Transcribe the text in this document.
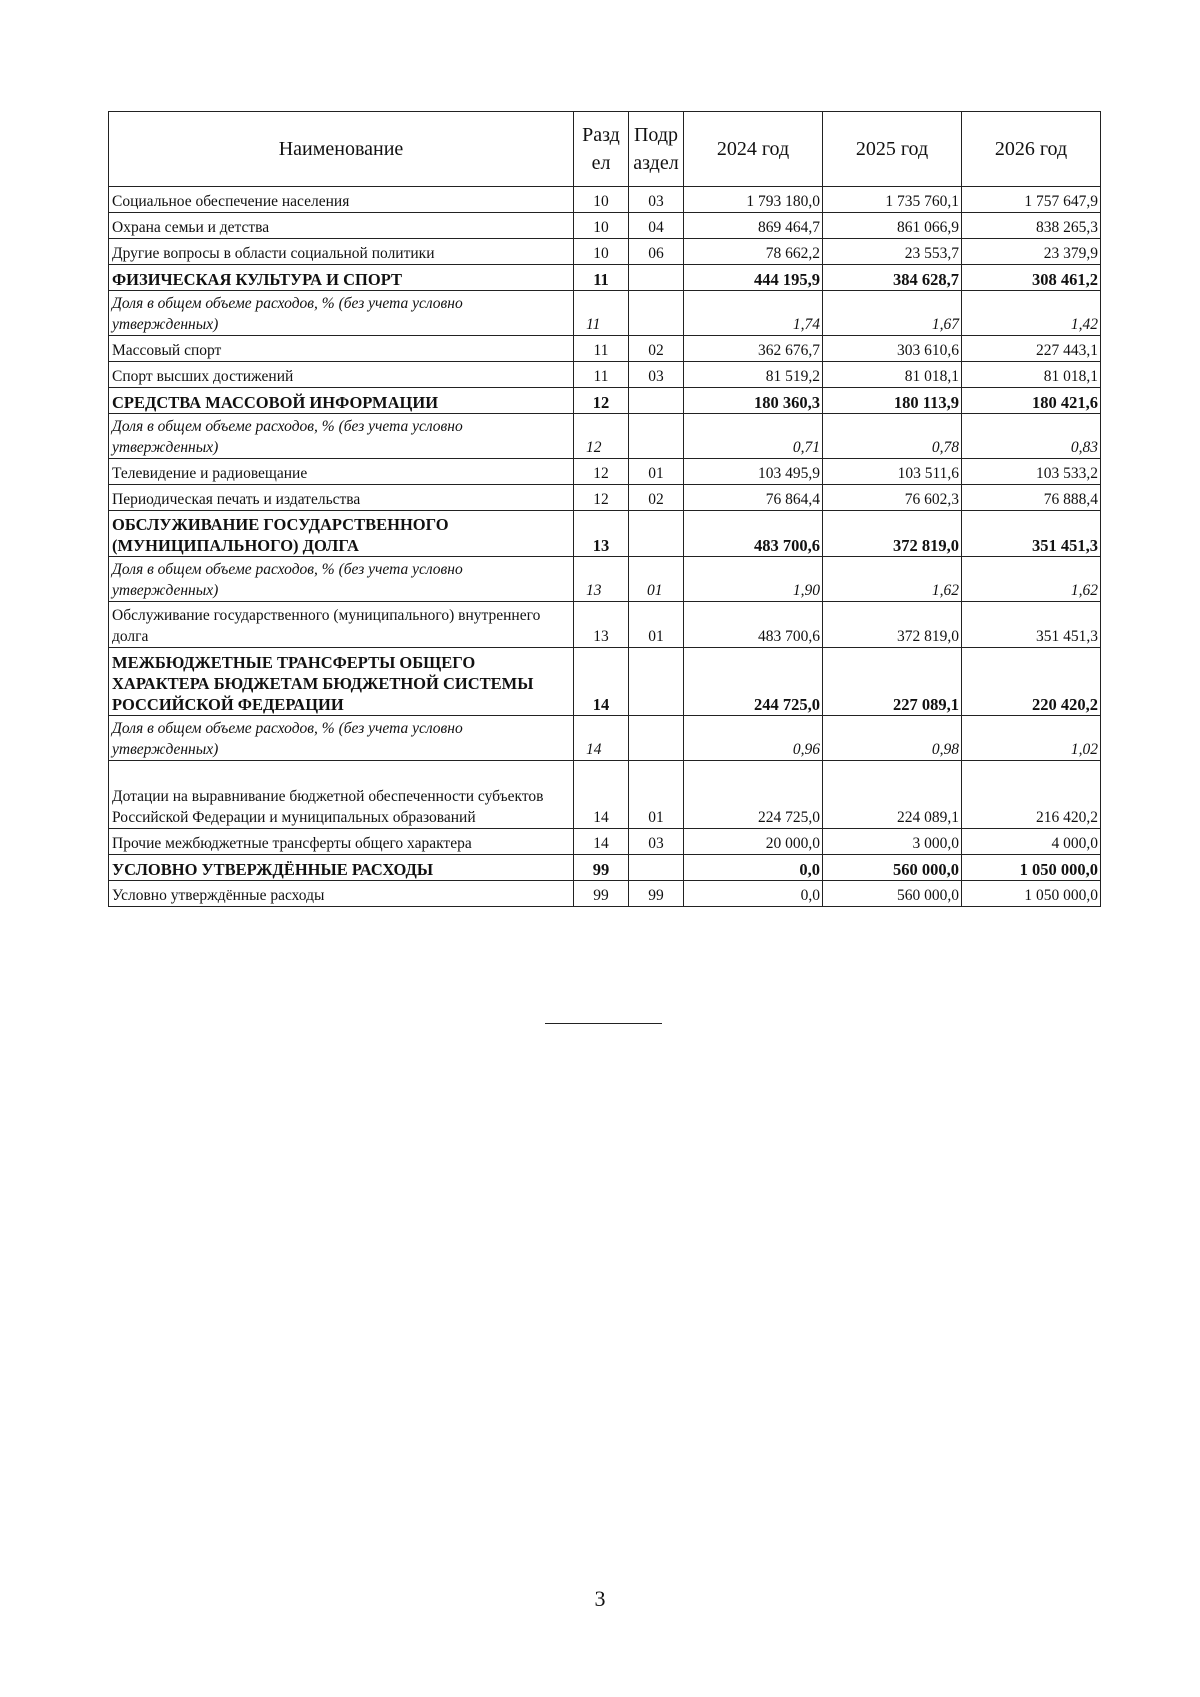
Наименование	Разд ел	Подр аздел	2024 год	2025 год	2026 год
Социальное обеспечение населения	10	03	1 793 180,0	1 735 760,1	1 757 647,9
Охрана семьи и детства	10	04	869 464,7	861 066,9	838 265,3
Другие вопросы в области социальной политики	10	06	78 662,2	23 553,7	23 379,9
ФИЗИЧЕСКАЯ КУЛЬТУРА И СПОРТ	11		444 195,9	384 628,7	308 461,2
Доля в общем объеме расходов, % (без учета условно утвержденных)	11		1,74	1,67	1,42
Массовый спорт	11	02	362 676,7	303 610,6	227 443,1
Спорт высших достижений	11	03	81 519,2	81 018,1	81 018,1
СРЕДСТВА МАССОВОЙ ИНФОРМАЦИИ	12		180 360,3	180 113,9	180 421,6
Доля в общем объеме расходов, % (без учета условно утвержденных)	12		0,71	0,78	0,83
Телевидение и радиовещание	12	01	103 495,9	103 511,6	103 533,2
Периодическая печать и издательства	12	02	76 864,4	76 602,3	76 888,4
ОБСЛУЖИВАНИЕ ГОСУДАРСТВЕННОГО (МУНИЦИПАЛЬНОГО) ДОЛГА	13		483 700,6	372 819,0	351 451,3
Доля в общем объеме расходов, % (без учета условно утвержденных)	13	01	1,90	1,62	1,62
Обслуживание государственного (муниципального) внутреннего долга	13	01	483 700,6	372 819,0	351 451,3
МЕЖБЮДЖЕТНЫЕ ТРАНСФЕРТЫ ОБЩЕГО ХАРАКТЕРА БЮДЖЕТАМ БЮДЖЕТНОЙ СИСТЕМЫ РОССИЙСКОЙ ФЕДЕРАЦИИ	14		244 725,0	227 089,1	220 420,2
Доля в общем объеме расходов, % (без учета условно утвержденных)	14		0,96	0,98	1,02
Дотации на выравнивание бюджетной обеспеченности субъектов Российской Федерации и муниципальных образований	14	01	224 725,0	224 089,1	216 420,2
Прочие межбюджетные трансферты общего характера	14	03	20 000,0	3 000,0	4 000,0
УСЛОВНО УТВЕРЖДЁННЫЕ РАСХОДЫ	99		0,0	560 000,0	1 050 000,0
Условно утверждённые расходы	99	99	0,0	560 000,0	1 050 000,0
3
